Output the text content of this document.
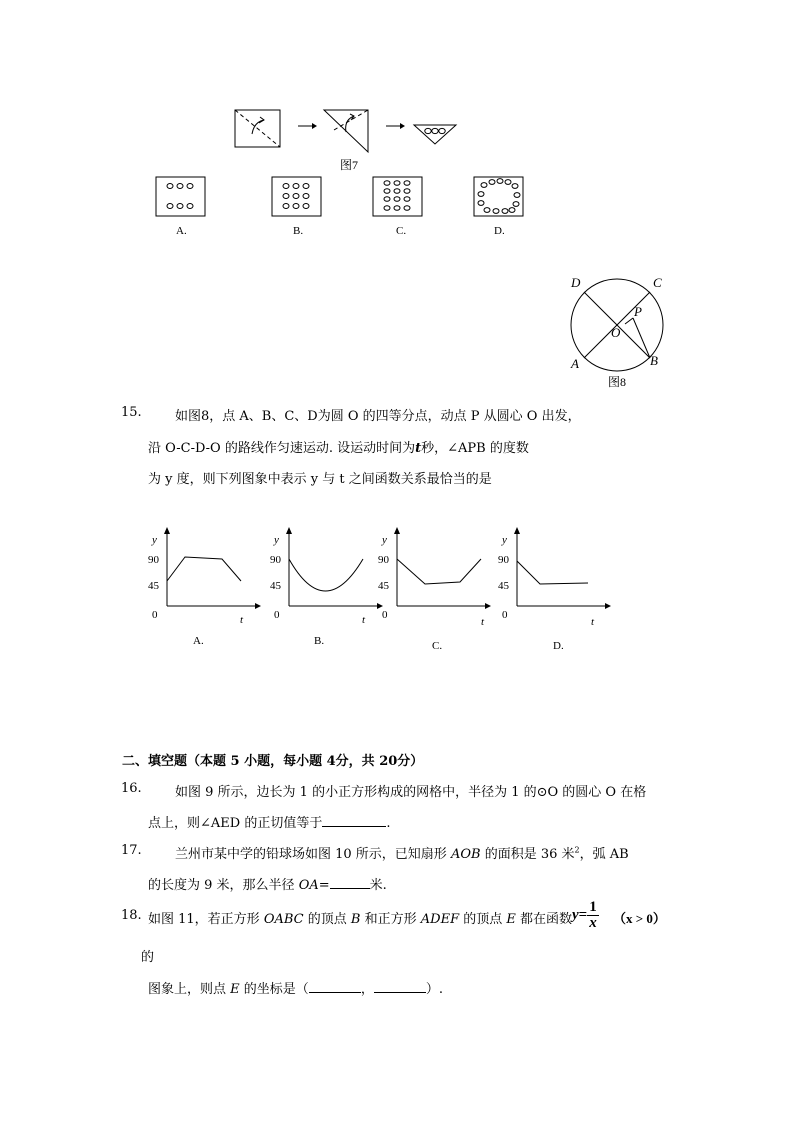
图7
A.	B.	C.	D.
D	C
A	B
O
P
图8
15.	如图8，点 A、B、C、D为圆 O 的四等分点，动点 P 从圆心 O 出发，
沿 O-C-D-O 的路线作匀速运动. 设运动时间为t秒，∠APB 的度数
为 y 度，则下列图象中表示 y 与 t 之间函数关系最恰当的是
y
90
45
0	t
A.
y
90
45
0	t
B.
y
90
45
0
t
C.
y
90
45
0
t
D.
二、填空题（本题 5 小题，每小题 4分，共 20分）
16.	如图 9 所示，边长为 1 的小正方形构成的网格中，半径为 1 的⊙O 的圆心 O 在格
点上，则∠AED 的正切值等于	.
17.	兰州市某中学的铅球场如图 10 所示，已知扇形 AOB 的面积是 36 米$^2$，弧 AB
的长度为 9 米，那么半径 OA=	米.
18. 如图 11，若正方形 OABC 的顶点 B 和正方形 ADEF 的顶点 E 都在函数 $y= \frac{1}{x} (x > 0)$
的
图象上，则点 E 的坐标是（	，	）.
